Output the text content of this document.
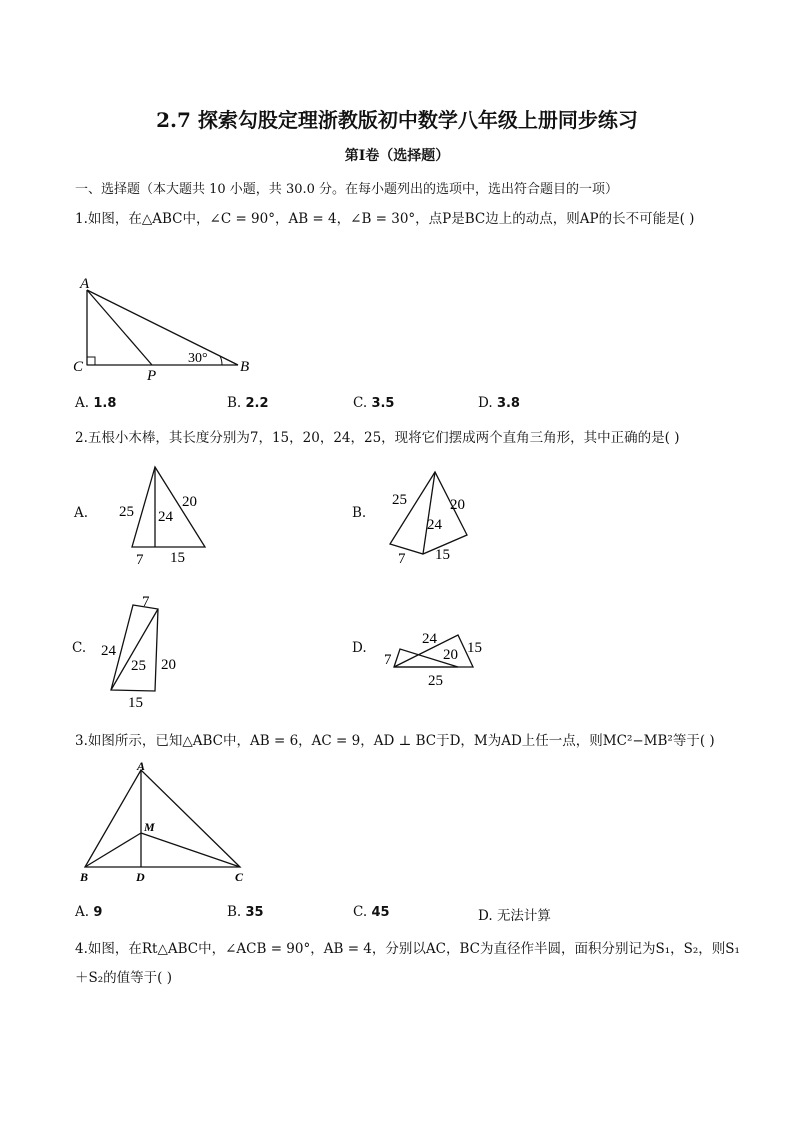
2.7 探索勾股定理浙教版初中数学八年级上册同步练习
第Ⅰ卷（选择题）
一、选择题（本大题共 10 小题，共 30.0 分。在每小题列出的选项中，选出符合题目的一项）
1.如图，在△ABC中，∠C = 90°，AB = 4，∠B = 30°，点P是BC边上的动点，则AP的长不可能是( )
A
C
P
B
30°
A. 1.8	B. 2.2	C. 3.5	D. 3.8
2.五根小木棒，其长度分别为7，15，20，24，25，现将它们摆成两个直角三角形，其中正确的是( )
A. 25 24
20
7 15
B.
25
24
20
7 15
C.
7
24
25 20
15
D.
24
15
7	20
25
3.如图所示，已知△ABC中，AB = 6，AC = 9，AD ⊥ BC于D，M为AD上任一点，则MC²−MB²等于( )
A
M
B	D	C
A. 9	B. 35	C. 45	D. 无法计算
4.如图，在Rt△ABC中，∠ACB = 90°，AB = 4，分别以AC，BC为直径作半圆，面积分别记为S₁，S₂，则S₁
＋S₂的值等于( )
